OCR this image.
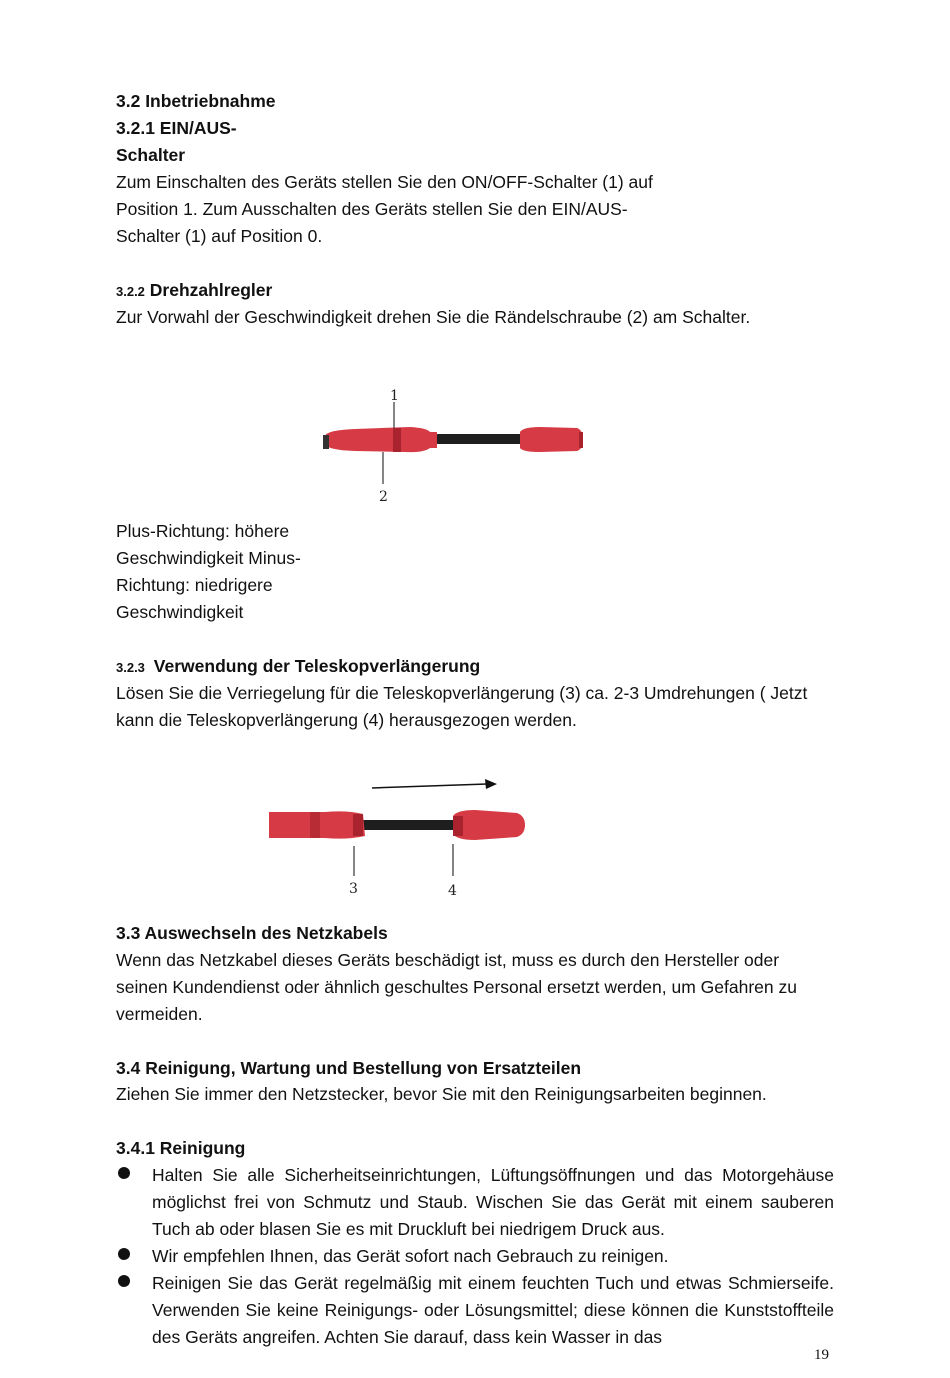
3.2 Inbetriebnahme
3.2.1 EIN/AUS-
Schalter
Zum Einschalten des Geräts stellen Sie den ON/OFF-Schalter (1) auf
Position 1. Zum Ausschalten des Geräts stellen Sie den EIN/AUS-
Schalter (1) auf Position 0.
3.2.2 Drehzahlregler
Zur Vorwahl der Geschwindigkeit drehen Sie die Rändelschraube (2) am Schalter.
1
2
Plus-Richtung: höhere
Geschwindigkeit Minus-
Richtung: niedrigere
Geschwindigkeit
3.2.3 Verwendung der Teleskopverlängerung
Lösen Sie die Verriegelung für die Teleskopverlängerung (3) ca. 2-3 Umdrehungen ( Jetzt
kann die Teleskopverlängerung (4) herausgezogen werden.
3	4
3.3 Auswechseln des Netzkabels
Wenn das Netzkabel dieses Geräts beschädigt ist, muss es durch den Hersteller oder
seinen Kundendienst oder ähnlich geschultes Personal ersetzt werden, um Gefahren zu
vermeiden.
3.4 Reinigung, Wartung und Bestellung von Ersatzteilen
Ziehen Sie immer den Netzstecker, bevor Sie mit den Reinigungsarbeiten beginnen.
3.4.1 Reinigung
Halten Sie alle Sicherheitseinrichtungen, Lüftungsöffnungen und das Motorgehäuse möglichst frei von Schmutz und Staub. Wischen Sie das Gerät mit einem sauberen Tuch ab oder blasen Sie es mit Druckluft bei niedrigem Druck aus.
Wir empfehlen Ihnen, das Gerät sofort nach Gebrauch zu reinigen.
Reinigen Sie das Gerät regelmäßig mit einem feuchten Tuch und etwas Schmierseife. Verwenden Sie keine Reinigungs- oder Lösungsmittel; diese können die Kunststoffteile des Geräts angreifen. Achten Sie darauf, dass kein Wasser in das
19
